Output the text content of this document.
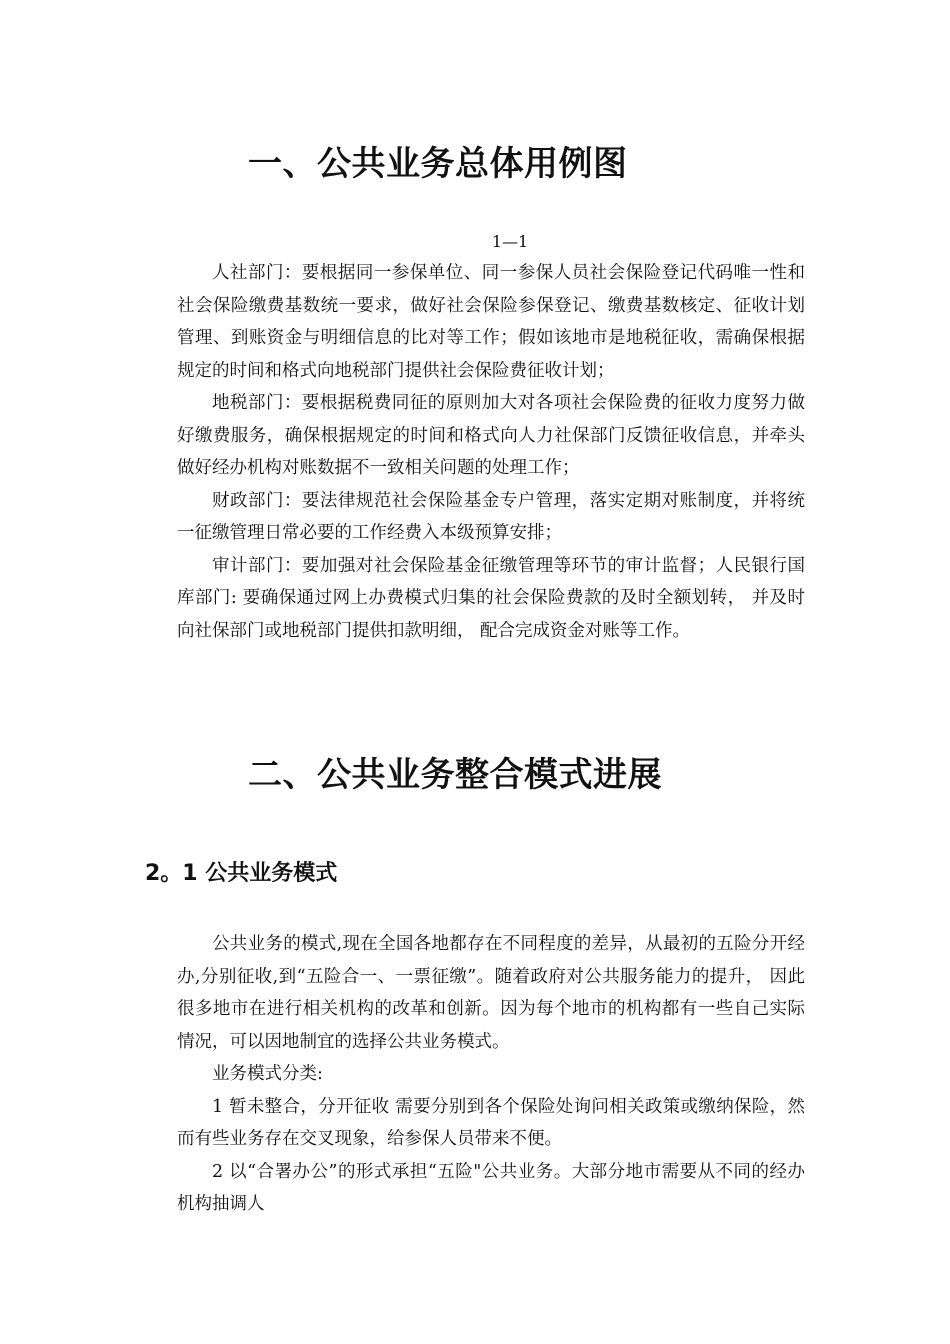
一、公共业务总体用例图
1—1

人社部门：要根据同一参保单位、同一参保人员社会保险登记代码唯一性和社会保险缴费基数统一要求，做好社会保险参保登记、缴费基数核定、征收计划管理、到账资金与明细信息的比对等工作；假如该地市是地税征收，需确保根据规定的时间和格式向地税部门提供社会保险费征收计划；

地税部门：要根据税费同征的原则加大对各项社会保险费的征收力度努力做好缴费服务，确保根据规定的时间和格式向人力社保部门反馈征收信息，并牵头做好经办机构对账数据不一致相关问题的处理工作；

财政部门：要法律规范社会保险基金专户管理，落实定期对账制度，并将统一征缴管理日常必要的工作经费入本级预算安排；

审计部门：要加强对社会保险基金征缴管理等环节的审计监督；人民银行国库部门: 要确保通过网上办费模式归集的社会保险费款的及时全额划转， 并及时向社保部门或地税部门提供扣款明细， 配合完成资金对账等工作。

二、公共业务整合模式进展
2。1 公共业务模式

公共业务的模式,现在全国各地都存在不同程度的差异，从最初的五险分开经办,分别征收,到“五险合一、一票征缴”。随着政府对公共服务能力的提升， 因此很多地市在进行相关机构的改革和创新。因为每个地市的机构都有一些自己实际情况，可以因地制宜的选择公共业务模式。

业务模式分类:

1 暂未整合，分开征收 需要分别到各个保险处询问相关政策或缴纳保险，然而有些业务存在交叉现象，给参保人员带来不便。

2 以“合署办公”的形式承担“五险"公共业务。大部分地市需要从不同的经办机构抽调人
